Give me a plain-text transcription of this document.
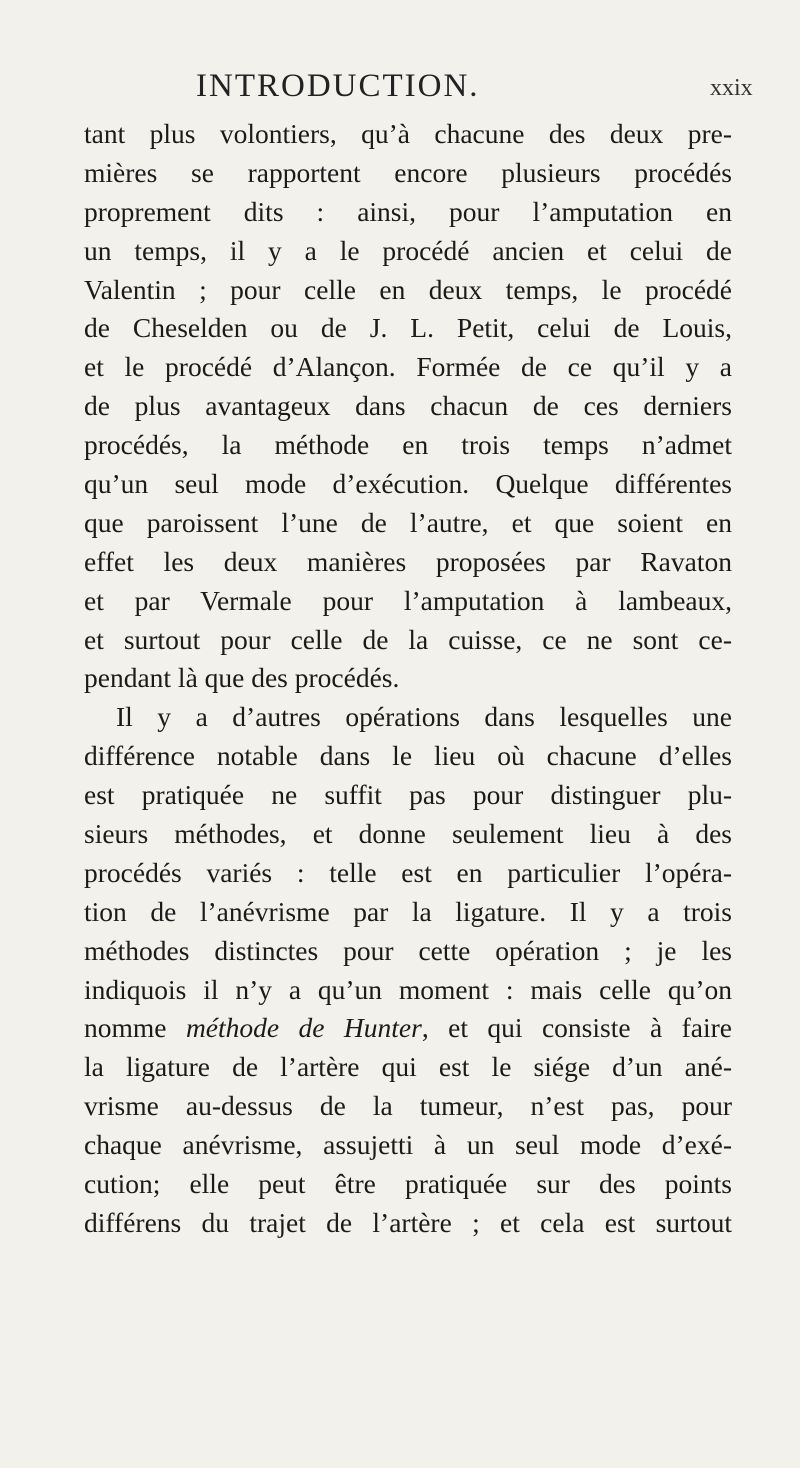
INTRODUCTION.	xxix
tant plus volontiers, qu’à chacune des deux pre-
mières se rapportent encore plusieurs procédés
proprement dits : ainsi, pour l’amputation en
un temps, il y a le procédé ancien et celui de
Valentin ; pour celle en deux temps, le procédé
de Cheselden ou de J. L. Petit, celui de Louis,
et le procédé d’Alançon. Formée de ce qu’il y a
de plus avantageux dans chacun de ces derniers
procédés, la méthode en trois temps n’admet
qu’un seul mode d’exécution. Quelque différentes
que paroissent l’une de l’autre, et que soient en
effet les deux manières proposées par Ravaton
et par Vermale pour l’amputation à lambeaux,
et surtout pour celle de la cuisse, ce ne sont ce-
pendant là que des procédés.
Il y a d’autres opérations dans lesquelles une
différence notable dans le lieu où chacune d’elles
est pratiquée ne suffit pas pour distinguer plu-
sieurs méthodes, et donne seulement lieu à des
procédés variés : telle est en particulier l’opéra-
tion de l’anévrisme par la ligature. Il y a trois
méthodes distinctes pour cette opération ; je les
indiquois il n’y a qu’un moment : mais celle qu’on
nomme méthode de Hunter, et qui consiste à faire
la ligature de l’artère qui est le siége d’un ané-
vrisme au-dessus de la tumeur, n’est pas, pour
chaque anévrisme, assujetti à un seul mode d’exé-
cution; elle peut être pratiquée sur des points
différens du trajet de l’artère ; et cela est surtout
